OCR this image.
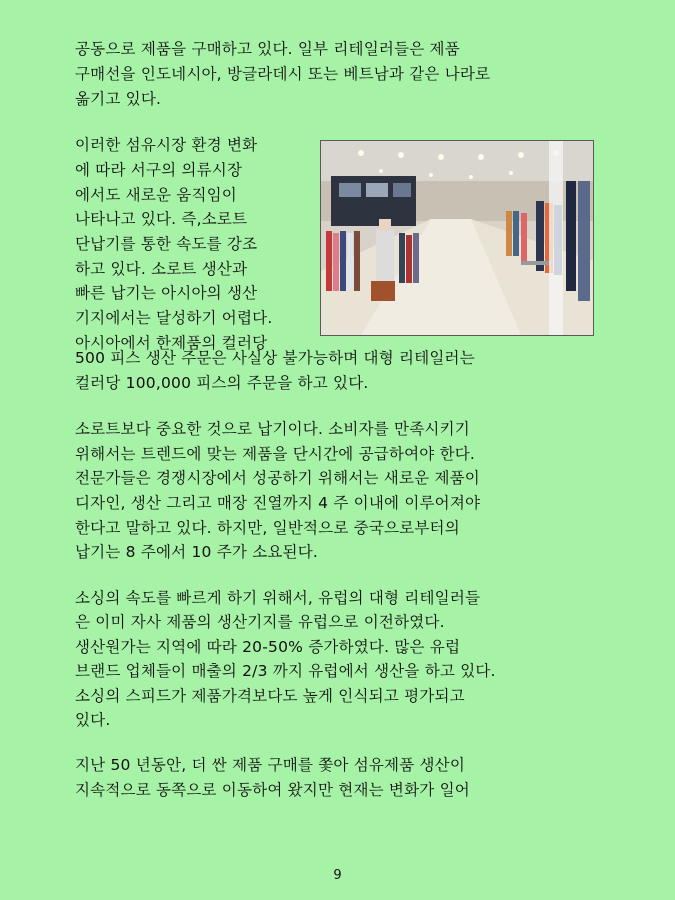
공동으로 제품을 구매하고 있다. 일부 리테일러들은 제품
구매선을 인도네시아, 방글라데시 또는 베트남과 같은 나라로
옮기고 있다.
이러한 섬유시장 환경 변화
에 따라 서구의 의류시장
에서도 새로운 움직임이
나타나고 있다. 즉,소로트
단납기를 통한 속도를 강조
하고 있다. 소로트 생산과
빠른 납기는 아시아의 생산
기지에서는 달성하기 어렵다.
아시아에서 한제품의 컬러당
500 피스 생산 주문은 사실상 불가능하며 대형 리테일러는
컬러당 100,000 피스의 주문을 하고 있다.
소로트보다 중요한 것으로 납기이다. 소비자를 만족시키기
위해서는 트렌드에 맞는 제품을 단시간에 공급하여야 한다.
전문가들은 경쟁시장에서 성공하기 위해서는 새로운 제품이
디자인, 생산 그리고 매장 진열까지 4 주 이내에 이루어져야
한다고 말하고 있다. 하지만, 일반적으로 중국으로부터의
납기는 8 주에서 10 주가 소요된다.
소싱의 속도를 빠르게 하기 위해서, 유럽의 대형 리테일러들
은 이미 자사 제품의 생산기지를 유럽으로 이전하였다.
생산원가는 지역에 따라 20-50% 증가하였다. 많은 유럽
브랜드 업체들이 매출의 2/3 까지 유럽에서 생산을 하고 있다.
소싱의 스피드가 제품가격보다도 높게 인식되고 평가되고
있다.
지난 50 년동안, 더 싼 제품 구매를 쫓아 섬유제품 생산이
지속적으로 동쪽으로 이동하여 왔지만 현재는 변화가 일어
9
